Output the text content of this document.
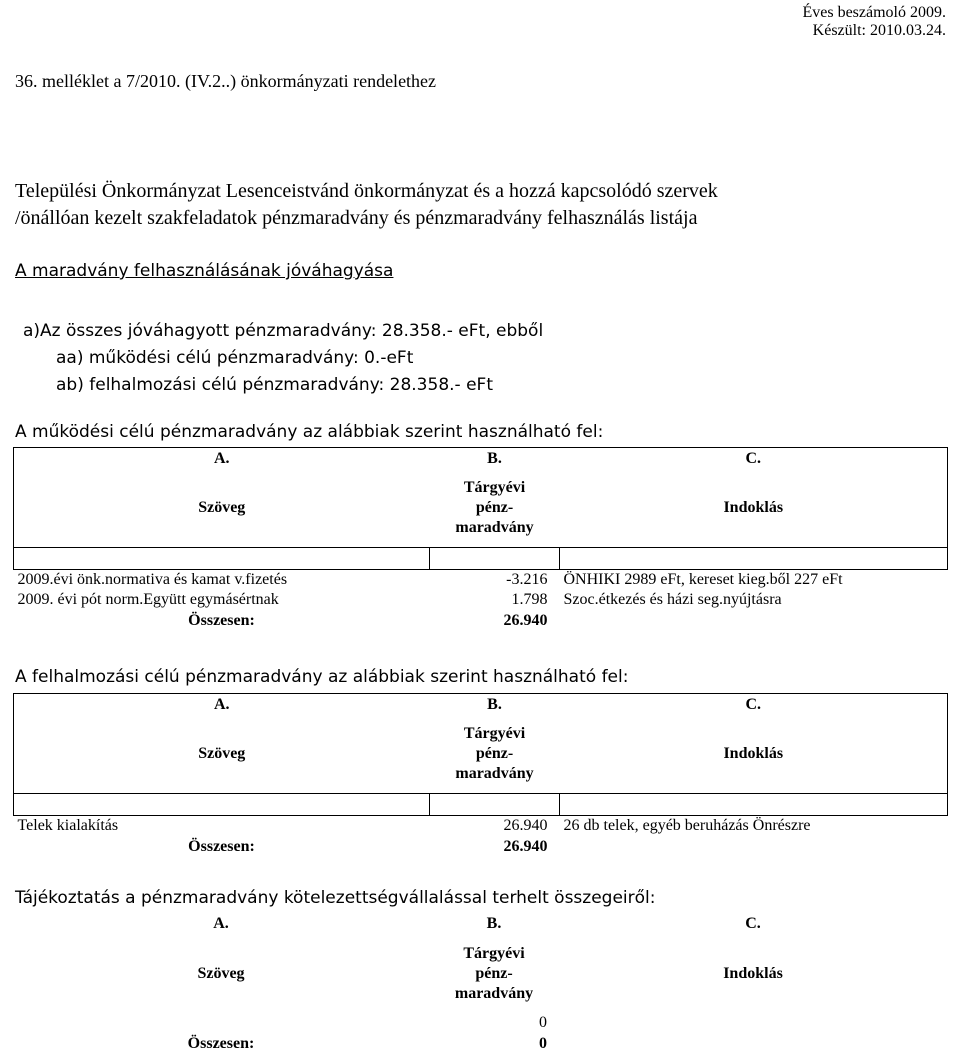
Éves beszámoló 2009.
Készült: 2010.03.24.
36. melléklet a 7/2010. (IV.2..) önkormányzati rendelethez
Települési Önkormányzat Lesenceistvánd önkormányzat és a hozzá kapcsolódó szervek
/önállóan kezelt szakfeladatok pénzmaradvány és pénzmaradvány felhasználás listája
A maradvány felhasználásának jóváhagyása
a)Az összes jóváhagyott pénzmaradvány: 28.358.- eFt, ebből
aa) működési célú pénzmaradvány: 0.-eFt
ab) felhalmozási célú pénzmaradvány: 28.358.- eFt
A működési célú pénzmaradvány az alábbiak szerint használható fel:
A.	B.	C.
Szöveg	Tárgyévi
pénz-
maradvány	Indoklás

2009.évi önk.normativa és kamat v.fizetés	-3.216	ÖNHIKI 2989 eFt, kereset kieg.ből 227 eFt
2009. évi pót norm.Együtt egymásértnak	1.798	Szoc.étkezés és házi seg.nyújtásra
Összesen:	26.940	
A felhalmozási célú pénzmaradvány az alábbiak szerint használható fel:
A.	B.	C.
Szöveg	Tárgyévi
pénz-
maradvány	Indoklás

Telek kialakítás	26.940	26 db telek, egyéb beruházás Önrészre
Összesen:	26.940	
Tájékoztatás a pénzmaradvány kötelezettségvállalással terhelt összegeiről:
A.	B.	C.
Szöveg	Tárgyévi
pénz-
maradvány	Indoklás
	0	
Összesen:	0	
